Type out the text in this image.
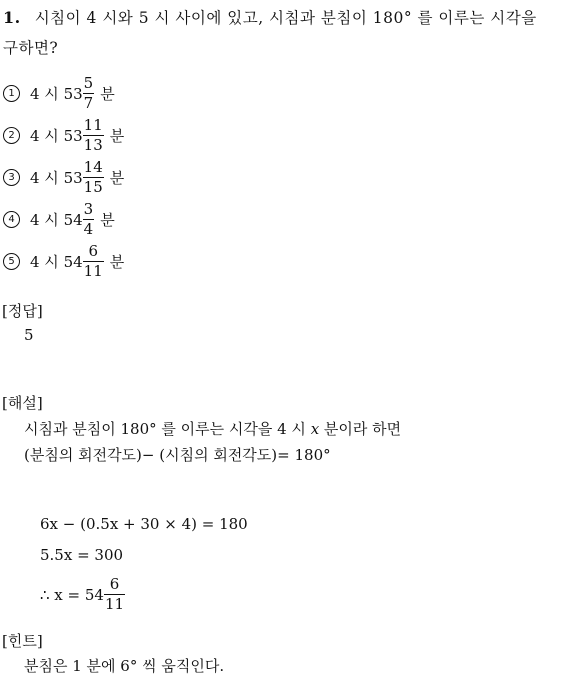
1. 시침이 4 시와 5 시 사이에 있고, 시침과 분침이 180° 를 이루는 시각을
구하면?
1	4 시 $53 \frac{5}{7}$ 분
2	4 시 $53 \frac{11}{13}$ 분
3	4 시 $53 \frac{14}{15}$ 분
4	4 시 $54 \frac{3}{4}$ 분
5	4 시 $54 \frac{6}{11}$ 분
[정답]
5
[해설]
시침과 분침이 180° 를 이루는 시각을 4 시 x 분이라 하면
(분침의 회전각도)− (시침의 회전각도)= 180°
6x − (0.5x + 30 × 4) = 180
5.5x = 300
∴ $x = 54 \frac{6}{11}$
[힌트]
분침은 1 분에 6° 씩 움직인다.
